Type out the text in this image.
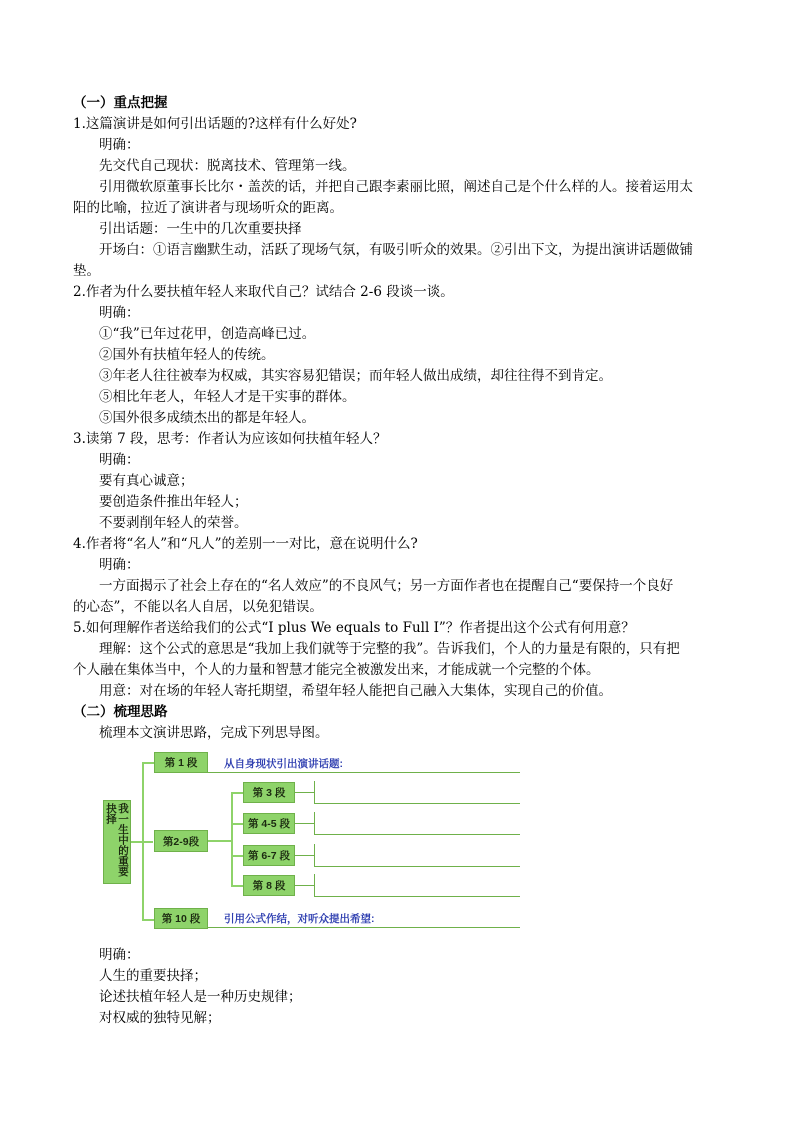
（一）重点把握
1.这篇演讲是如何引出话题的?这样有什么好处?
明确：
先交代自己现状：脱离技术、管理第一线。
引用微软原董事长比尔・盖茨的话，并把自己跟李素丽比照，阐述自己是个什么样的人。接着运用太
阳的比喻，拉近了演讲者与现场听众的距离。
引出话题：一生中的几次重要抉择
开场白：①语言幽默生动，活跃了现场气氛，有吸引听众的效果。②引出下文，为提出演讲话题做铺
垫。
2.作者为什么要扶植年轻人来取代自己？试结合 2-6 段谈一谈。
明确：
①“我”已年过花甲，创造高峰已过。
②国外有扶植年轻人的传统。
③年老人往往被奉为权威，其实容易犯错误；而年轻人做出成绩，却往往得不到肯定。
⑤相比年老人，年轻人才是干实事的群体。
⑤国外很多成绩杰出的都是年轻人。
3.读第 7 段，思考：作者认为应该如何扶植年轻人？
明确：
要有真心诚意；
要创造条件推出年轻人；
不要剥削年轻人的荣誉。
4.作者将“名人”和“凡人”的差别一一对比，意在说明什么?
明确：
一方面揭示了社会上存在的“名人效应”的不良风气；另一方面作者也在提醒自己“要保持一个良好
的心态”，不能以名人自居，以免犯错误。
5.如何理解作者送给我们的公式“I plus We equals to Full I”？作者提出这个公式有何用意？
理解：这个公式的意思是“我加上我们就等于完整的我”。告诉我们，个人的力量是有限的，只有把
个人融在集体当中，个人的力量和智慧才能完全被激发出来，才能成就一个完整的个体。
用意：对在场的年轻人寄托期望，希望年轻人能把自己融入大集体，实现自己的价值。
（二）梳理思路
梳理本文演讲思路，完成下列思导图。
我一生中的重要抉择
第 1 段	从自身现状引出演讲话题:
第2-9段
第 3 段
第 4-5 段
第 6-7 段
第 8 段
第 10 段	引用公式作结，对听众提出希望:
明确：
人生的重要抉择；
论述扶植年轻人是一种历史规律；
对权威的独特见解；
